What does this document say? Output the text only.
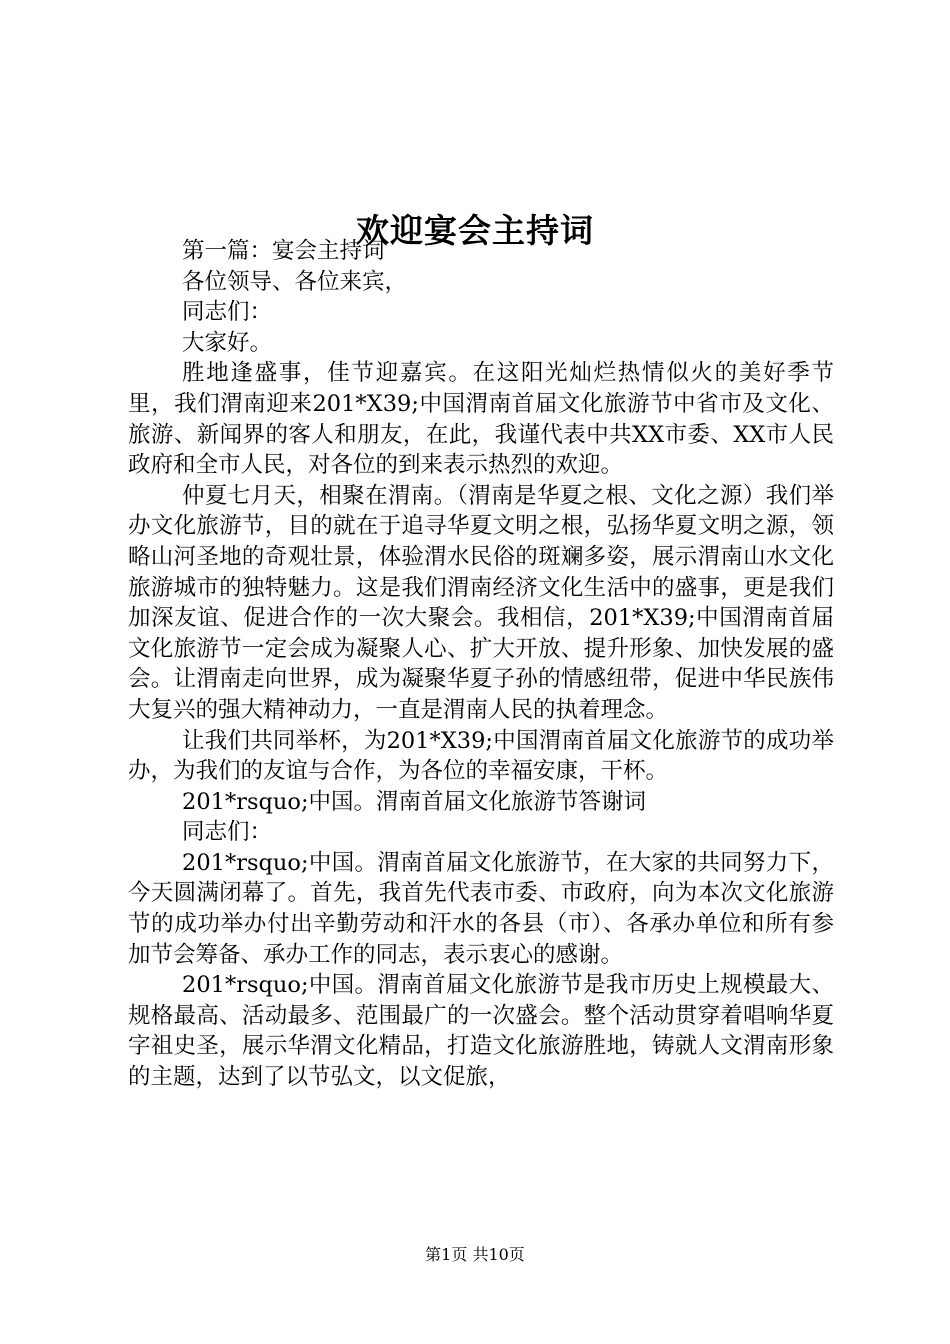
欢迎宴会主持词

第一篇：宴会主持词

各位领导、各位来宾，

同志们：

大家好。

胜地逢盛事，佳节迎嘉宾。在这阳光灿烂热情似火的美好季节里，我们渭南迎来201*X39;中国渭南首届文化旅游节中省市及文化、旅游、新闻界的客人和朋友，在此，我谨代表中共XX市委、XX市人民政府和全市人民，对各位的到来表示热烈的欢迎。

仲夏七月天，相聚在渭南。（渭南是华夏之根、文化之源）我们举办文化旅游节，目的就在于追寻华夏文明之根，弘扬华夏文明之源，领略山河圣地的奇观壮景，体验渭水民俗的斑斓多姿，展示渭南山水文化旅游城市的独特魅力。这是我们渭南经济文化生活中的盛事，更是我们加深友谊、促进合作的一次大聚会。我相信，201*X39;中国渭南首届文化旅游节一定会成为凝聚人心、扩大开放、提升形象、加快发展的盛会。让渭南走向世界，成为凝聚华夏子孙的情感纽带，促进中华民族伟大复兴的强大精神动力，一直是渭南人民的执着理念。

让我们共同举杯，为201*X39;中国渭南首届文化旅游节的成功举办，为我们的友谊与合作，为各位的幸福安康，干杯。

201*rsquo;中国。渭南首届文化旅游节答谢词

同志们：

201*rsquo;中国。渭南首届文化旅游节，在大家的共同努力下，今天圆满闭幕了。首先，我首先代表市委、市政府，向为本次文化旅游节的成功举办付出辛勤劳动和汗水的各县（市）、各承办单位和所有参加节会筹备、承办工作的同志，表示衷心的感谢。

201*rsquo;中国。渭南首届文化旅游节是我市历史上规模最大、规格最高、活动最多、范围最广的一次盛会。整个活动贯穿着唱响华夏字祖史圣，展示华渭文化精品，打造文化旅游胜地，铸就人文渭南形象的主题，达到了以节弘文，以文促旅，

第1页 共10页
